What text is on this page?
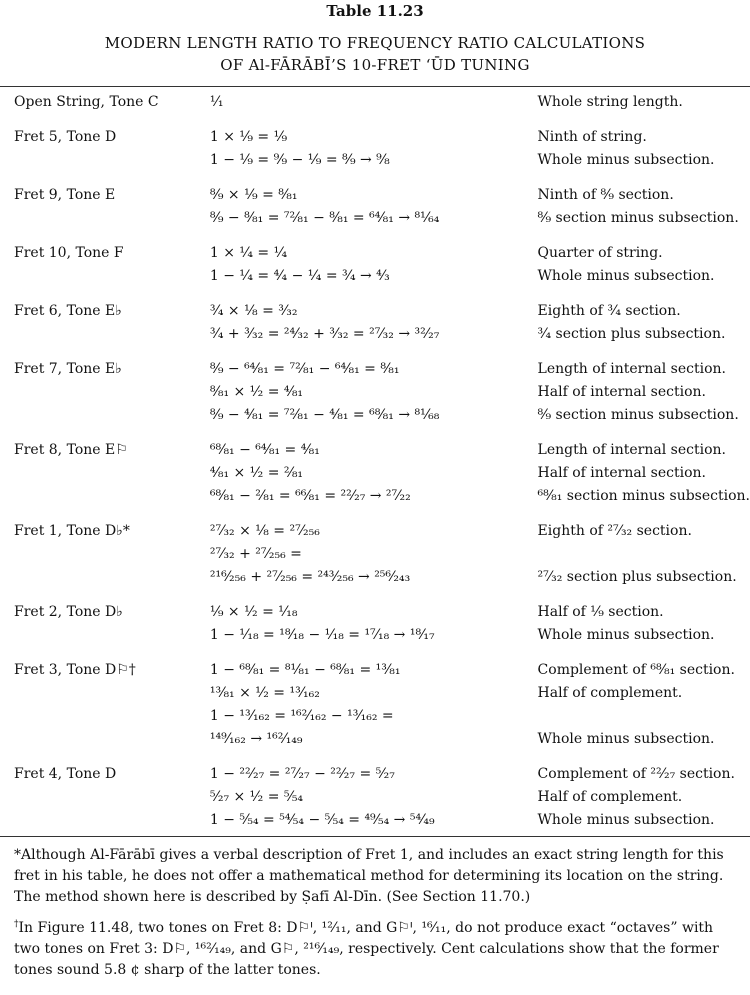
Table 11.23
MODERN LENGTH RATIO TO FREQUENCY RATIO CALCULATIONS
OF Al-FĀRĀBĪ’S 10-FRET ‘ŪD TUNING
Open String, Tone C	¹⁄₁	Whole string length.

Fret 5, Tone D	1 × ¹⁄₉ = ¹⁄₉	Ninth of string.
	1 − ¹⁄₉ = ⁹⁄₉ − ¹⁄₉ = ⁸⁄₉ → ⁹⁄₈	Whole minus subsection.

Fret 9, Tone E	⁸⁄₉ × ¹⁄₉ = ⁸⁄₈₁	Ninth of ⁸⁄₉ section.
	⁸⁄₉ − ⁸⁄₈₁ = ⁷²⁄₈₁ − ⁸⁄₈₁ = ⁶⁴⁄₈₁ → ⁸¹⁄₆₄	⁸⁄₉ section minus subsection.

Fret 10, Tone F	1 × ¹⁄₄ = ¹⁄₄	Quarter of string.
	1 − ¹⁄₄ = ⁴⁄₄ − ¹⁄₄ = ³⁄₄ → ⁴⁄₃	Whole minus subsection.

Fret 6, Tone E♭	³⁄₄ × ¹⁄₈ = ³⁄₃₂	Eighth of ³⁄₄ section.
	³⁄₄ + ³⁄₃₂ = ²⁴⁄₃₂ + ³⁄₃₂ = ²⁷⁄₃₂ → ³²⁄₂₇	³⁄₄ section plus subsection.

Fret 7, Tone E♭	⁸⁄₉ − ⁶⁴⁄₈₁ = ⁷²⁄₈₁ − ⁶⁴⁄₈₁ = ⁸⁄₈₁	Length of internal section.
	⁸⁄₈₁ × ¹⁄₂ = ⁴⁄₈₁	Half of internal section.
	⁸⁄₉ − ⁴⁄₈₁ = ⁷²⁄₈₁ − ⁴⁄₈₁ = ⁶⁸⁄₈₁ → ⁸¹⁄₆₈	⁸⁄₉ section minus subsection.

Fret 8, Tone E⚐	⁶⁸⁄₈₁ − ⁶⁴⁄₈₁ = ⁴⁄₈₁	Length of internal section.
	⁴⁄₈₁ × ¹⁄₂ = ²⁄₈₁	Half of internal section.
	⁶⁸⁄₈₁ − ²⁄₈₁ = ⁶⁶⁄₈₁ = ²²⁄₂₇ → ²⁷⁄₂₂	⁶⁸⁄₈₁ section minus subsection.

Fret 1, Tone D♭*	²⁷⁄₃₂ × ¹⁄₈ = ²⁷⁄₂₅₆	Eighth of ²⁷⁄₃₂ section.
	²⁷⁄₃₂ + ²⁷⁄₂₅₆ =	
	²¹⁶⁄₂₅₆ + ²⁷⁄₂₅₆ = ²⁴³⁄₂₅₆ → ²⁵⁶⁄₂₄₃	²⁷⁄₃₂ section plus subsection.

Fret 2, Tone D♭	¹⁄₉ × ¹⁄₂ = ¹⁄₁₈	Half of ¹⁄₉ section.
	1 − ¹⁄₁₈ = ¹⁸⁄₁₈ − ¹⁄₁₈ = ¹⁷⁄₁₈ → ¹⁸⁄₁₇	Whole minus subsection.

Fret 3, Tone D⚐†	1 − ⁶⁸⁄₈₁ = ⁸¹⁄₈₁ − ⁶⁸⁄₈₁ = ¹³⁄₈₁	Complement of ⁶⁸⁄₈₁ section.
	¹³⁄₈₁ × ¹⁄₂ = ¹³⁄₁₆₂	Half of complement.
	1 − ¹³⁄₁₆₂ = ¹⁶²⁄₁₆₂ − ¹³⁄₁₆₂ =	
	¹⁴⁹⁄₁₆₂ → ¹⁶²⁄₁₄₉	Whole minus subsection.

Fret 4, Tone D	1 − ²²⁄₂₇ = ²⁷⁄₂₇ − ²²⁄₂₇ = ⁵⁄₂₇	Complement of ²²⁄₂₇ section.
	⁵⁄₂₇ × ¹⁄₂ = ⁵⁄₅₄	Half of complement.
	1 − ⁵⁄₅₄ = ⁵⁴⁄₅₄ − ⁵⁄₅₄ = ⁴⁹⁄₅₄ → ⁵⁴⁄₄₉	Whole minus subsection.
*Although Al-Fārābī gives a verbal description of Fret 1, and includes an exact string length for this fret in his table, he does not offer a mathematical method for determining its location on the string. The method shown here is described by Ṣafī Al-Dīn. (See Section 11.70.)
†In Figure 11.48, two tones on Fret 8: D⚐ᑊ, ¹²⁄₁₁, and G⚐ᑊ, ¹⁶⁄₁₁, do not produce exact “octaves” with two tones on Fret 3: D⚐, ¹⁶²⁄₁₄₉, and G⚐, ²¹⁶⁄₁₄₉, respectively. Cent calculations show that the former tones sound 5.8 ¢ sharp of the latter tones.
